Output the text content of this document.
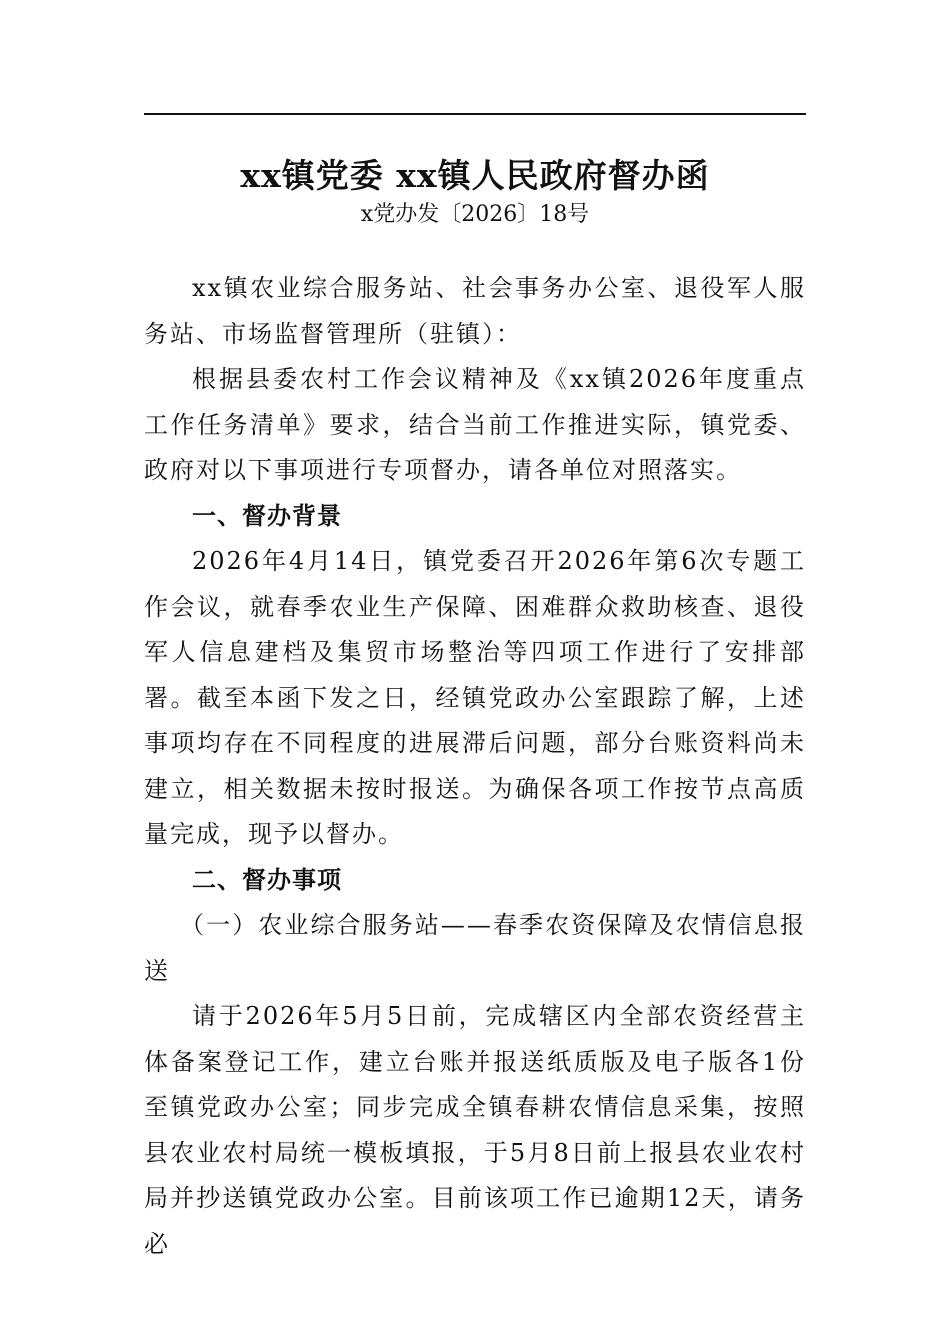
xx镇党委 xx镇人民政府督办函
x党办发〔2026〕18号

xx镇农业综合服务站、社会事务办公室、退役军人服务站、市场监督管理所（驻镇）：

根据县委农村工作会议精神及《xx镇2026年度重点工作任务清单》要求，结合当前工作推进实际，镇党委、政府对以下事项进行专项督办，请各单位对照落实。

一、督办背景

2026年4月14日，镇党委召开2026年第6次专题工作会议，就春季农业生产保障、困难群众救助核查、退役军人信息建档及集贸市场整治等四项工作进行了安排部署。截至本函下发之日，经镇党政办公室跟踪了解，上述事项均存在不同程度的进展滞后问题，部分台账资料尚未建立，相关数据未按时报送。为确保各项工作按节点高质量完成，现予以督办。

二、督办事项

（一）农业综合服务站——春季农资保障及农情信息报送

请于2026年5月5日前，完成辖区内全部农资经营主体备案登记工作，建立台账并报送纸质版及电子版各1份至镇党政办公室；同步完成全镇春耕农情信息采集，按照县农业农村局统一模板填报，于5月8日前上报县农业农村局并抄送镇党政办公室。目前该项工作已逾期12天，请务必
